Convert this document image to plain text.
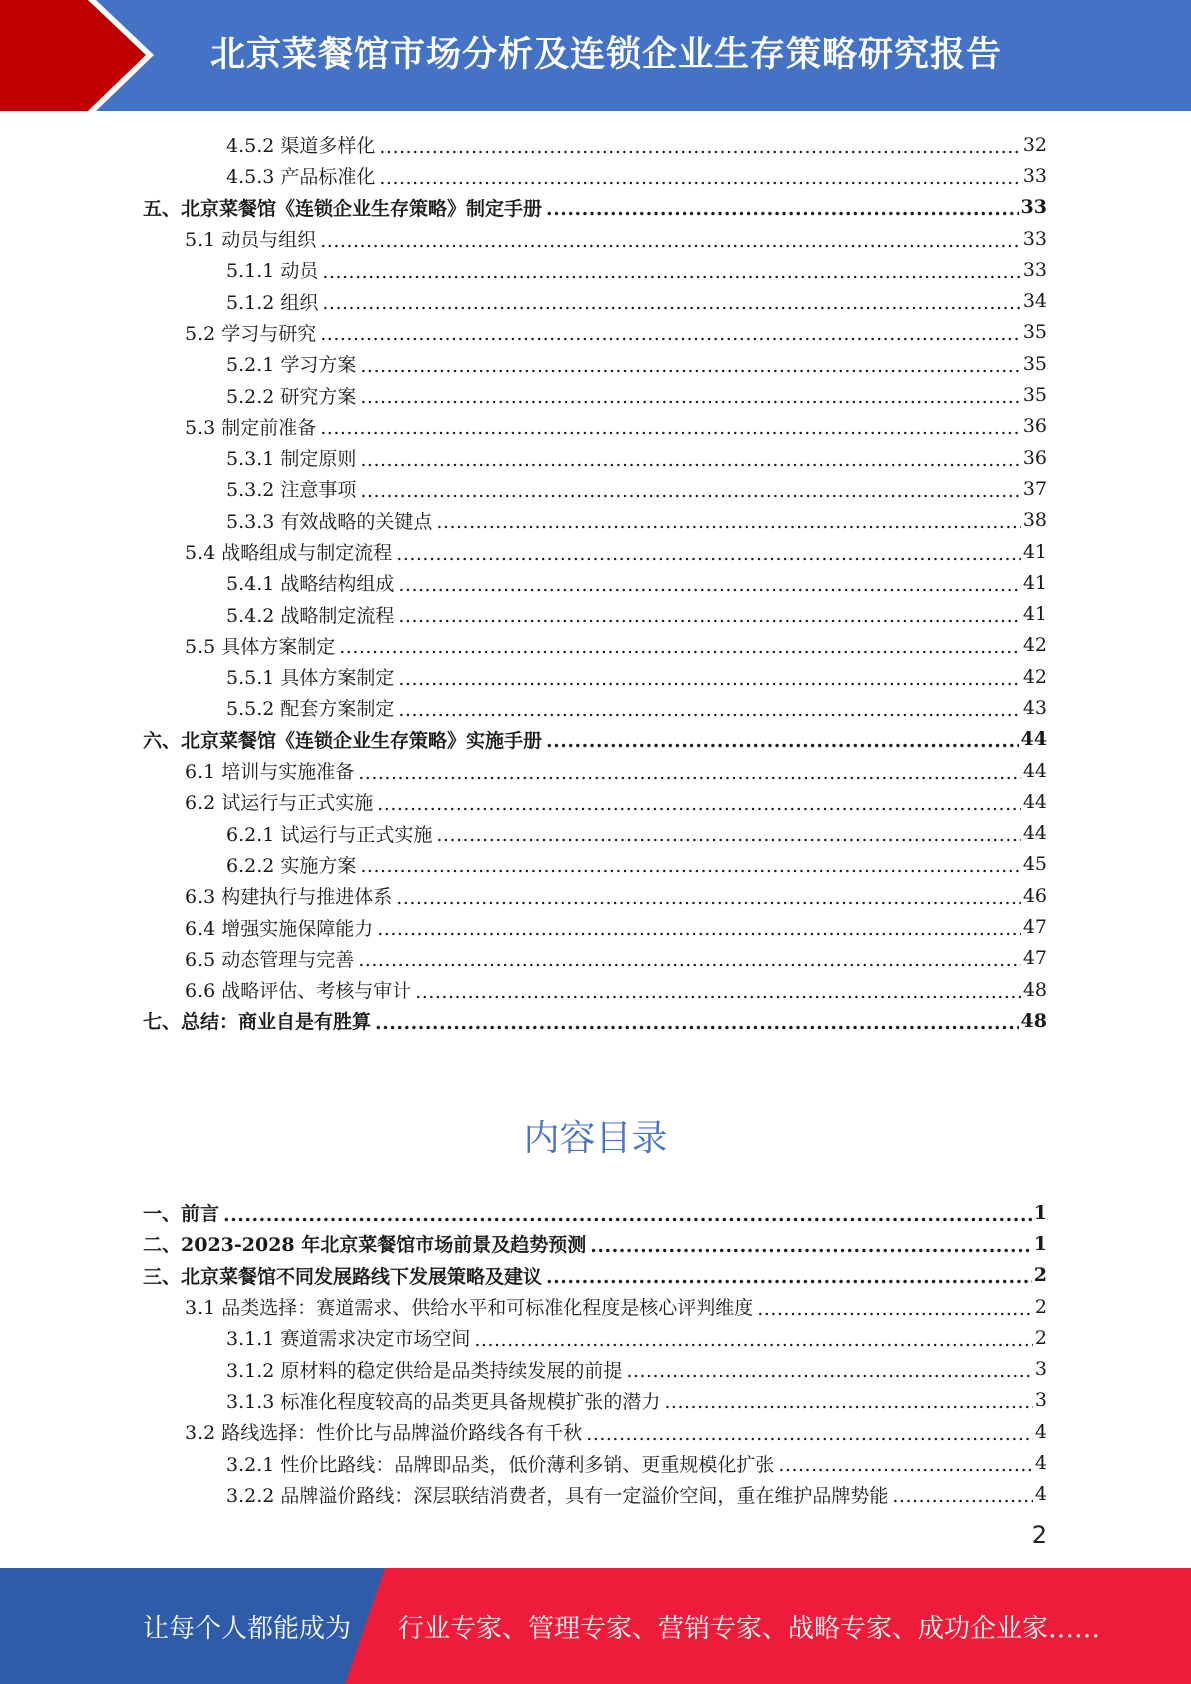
北京菜餐馆市场分析及连锁企业生存策略研究报告
4.5.2 渠道多样化 .....	32
4.5.3 产品标准化 .....	33
五、北京菜餐馆《连锁企业生存策略》制定手册 .....	33
5.1 动员与组织 .....	33
5.1.1 动员 .....	33
5.1.2 组织 .....	34
5.2 学习与研究 .....	35
5.2.1 学习方案 .....	35
5.2.2 研究方案 .....	35
5.3 制定前准备 .....	36
5.3.1 制定原则 .....	36
5.3.2 注意事项 .....	37
5.3.3 有效战略的关键点 .....	38
5.4 战略组成与制定流程 .....	41
5.4.1 战略结构组成 .....	41
5.4.2 战略制定流程 .....	41
5.5 具体方案制定 .....	42
5.5.1 具体方案制定 .....	42
5.5.2 配套方案制定 .....	43
六、北京菜餐馆《连锁企业生存策略》实施手册 .....	44
6.1 培训与实施准备 .....	44
6.2 试运行与正式实施 .....	44
6.2.1 试运行与正式实施 .....	44
6.2.2 实施方案 .....	45
6.3 构建执行与推进体系 .....	46
6.4 增强实施保障能力 .....	47
6.5 动态管理与完善 .....	47
6.6 战略评估、考核与审计 .....	48
七、总结：商业自是有胜算 .....	48
内容目录
一、前言 .....	1
二、2023-2028 年北京菜餐馆市场前景及趋势预测 .....	1
三、北京菜餐馆不同发展路线下发展策略及建议 .....	2
3.1 品类选择：赛道需求、供给水平和可标准化程度是核心评判维度 .....	2
3.1.1 赛道需求决定市场空间 .....	2
3.1.2 原材料的稳定供给是品类持续发展的前提 .....	3
3.1.3 标准化程度较高的品类更具备规模扩张的潜力 .....	3
3.2 路线选择：性价比与品牌溢价路线各有千秋 .....	4
3.2.1 性价比路线：品牌即品类，低价薄利多销、更重规模化扩张 .....	4
3.2.2 品牌溢价路线：深层联结消费者，具有一定溢价空间，重在维护品牌势能 .....	4
2
让每个人都能成为 行业专家、管理专家、营销专家、战略专家、成功企业家……
